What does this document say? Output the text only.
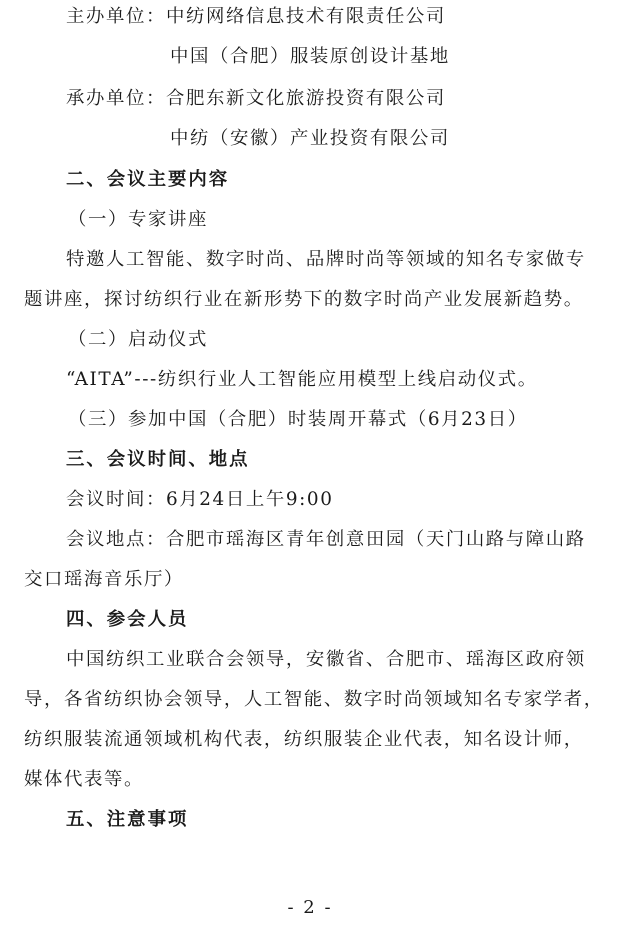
主办单位：中纺网络信息技术有限责任公司
中国（合肥）服装原创设计基地
承办单位：合肥东新文化旅游投资有限公司
中纺（安徽）产业投资有限公司
二、会议主要内容
（一）专家讲座
特邀人工智能、数字时尚、品牌时尚等领域的知名专家做专
题讲座，探讨纺织行业在新形势下的数字时尚产业发展新趋势。
（二）启动仪式
“AITA”---纺织行业人工智能应用模型上线启动仪式。
（三）参加中国（合肥）时装周开幕式（6月23日）
三、会议时间、地点
会议时间：6月24日上午9:00
会议地点：合肥市瑶海区青年创意田园（天门山路与障山路
交口瑶海音乐厅）
四、参会人员
中国纺织工业联合会领导，安徽省、合肥市、瑶海区政府领
导，各省纺织协会领导，人工智能、数字时尚领域知名专家学者，
纺织服装流通领域机构代表，纺织服装企业代表，知名设计师，
媒体代表等。
五、注意事项
- 2 -
